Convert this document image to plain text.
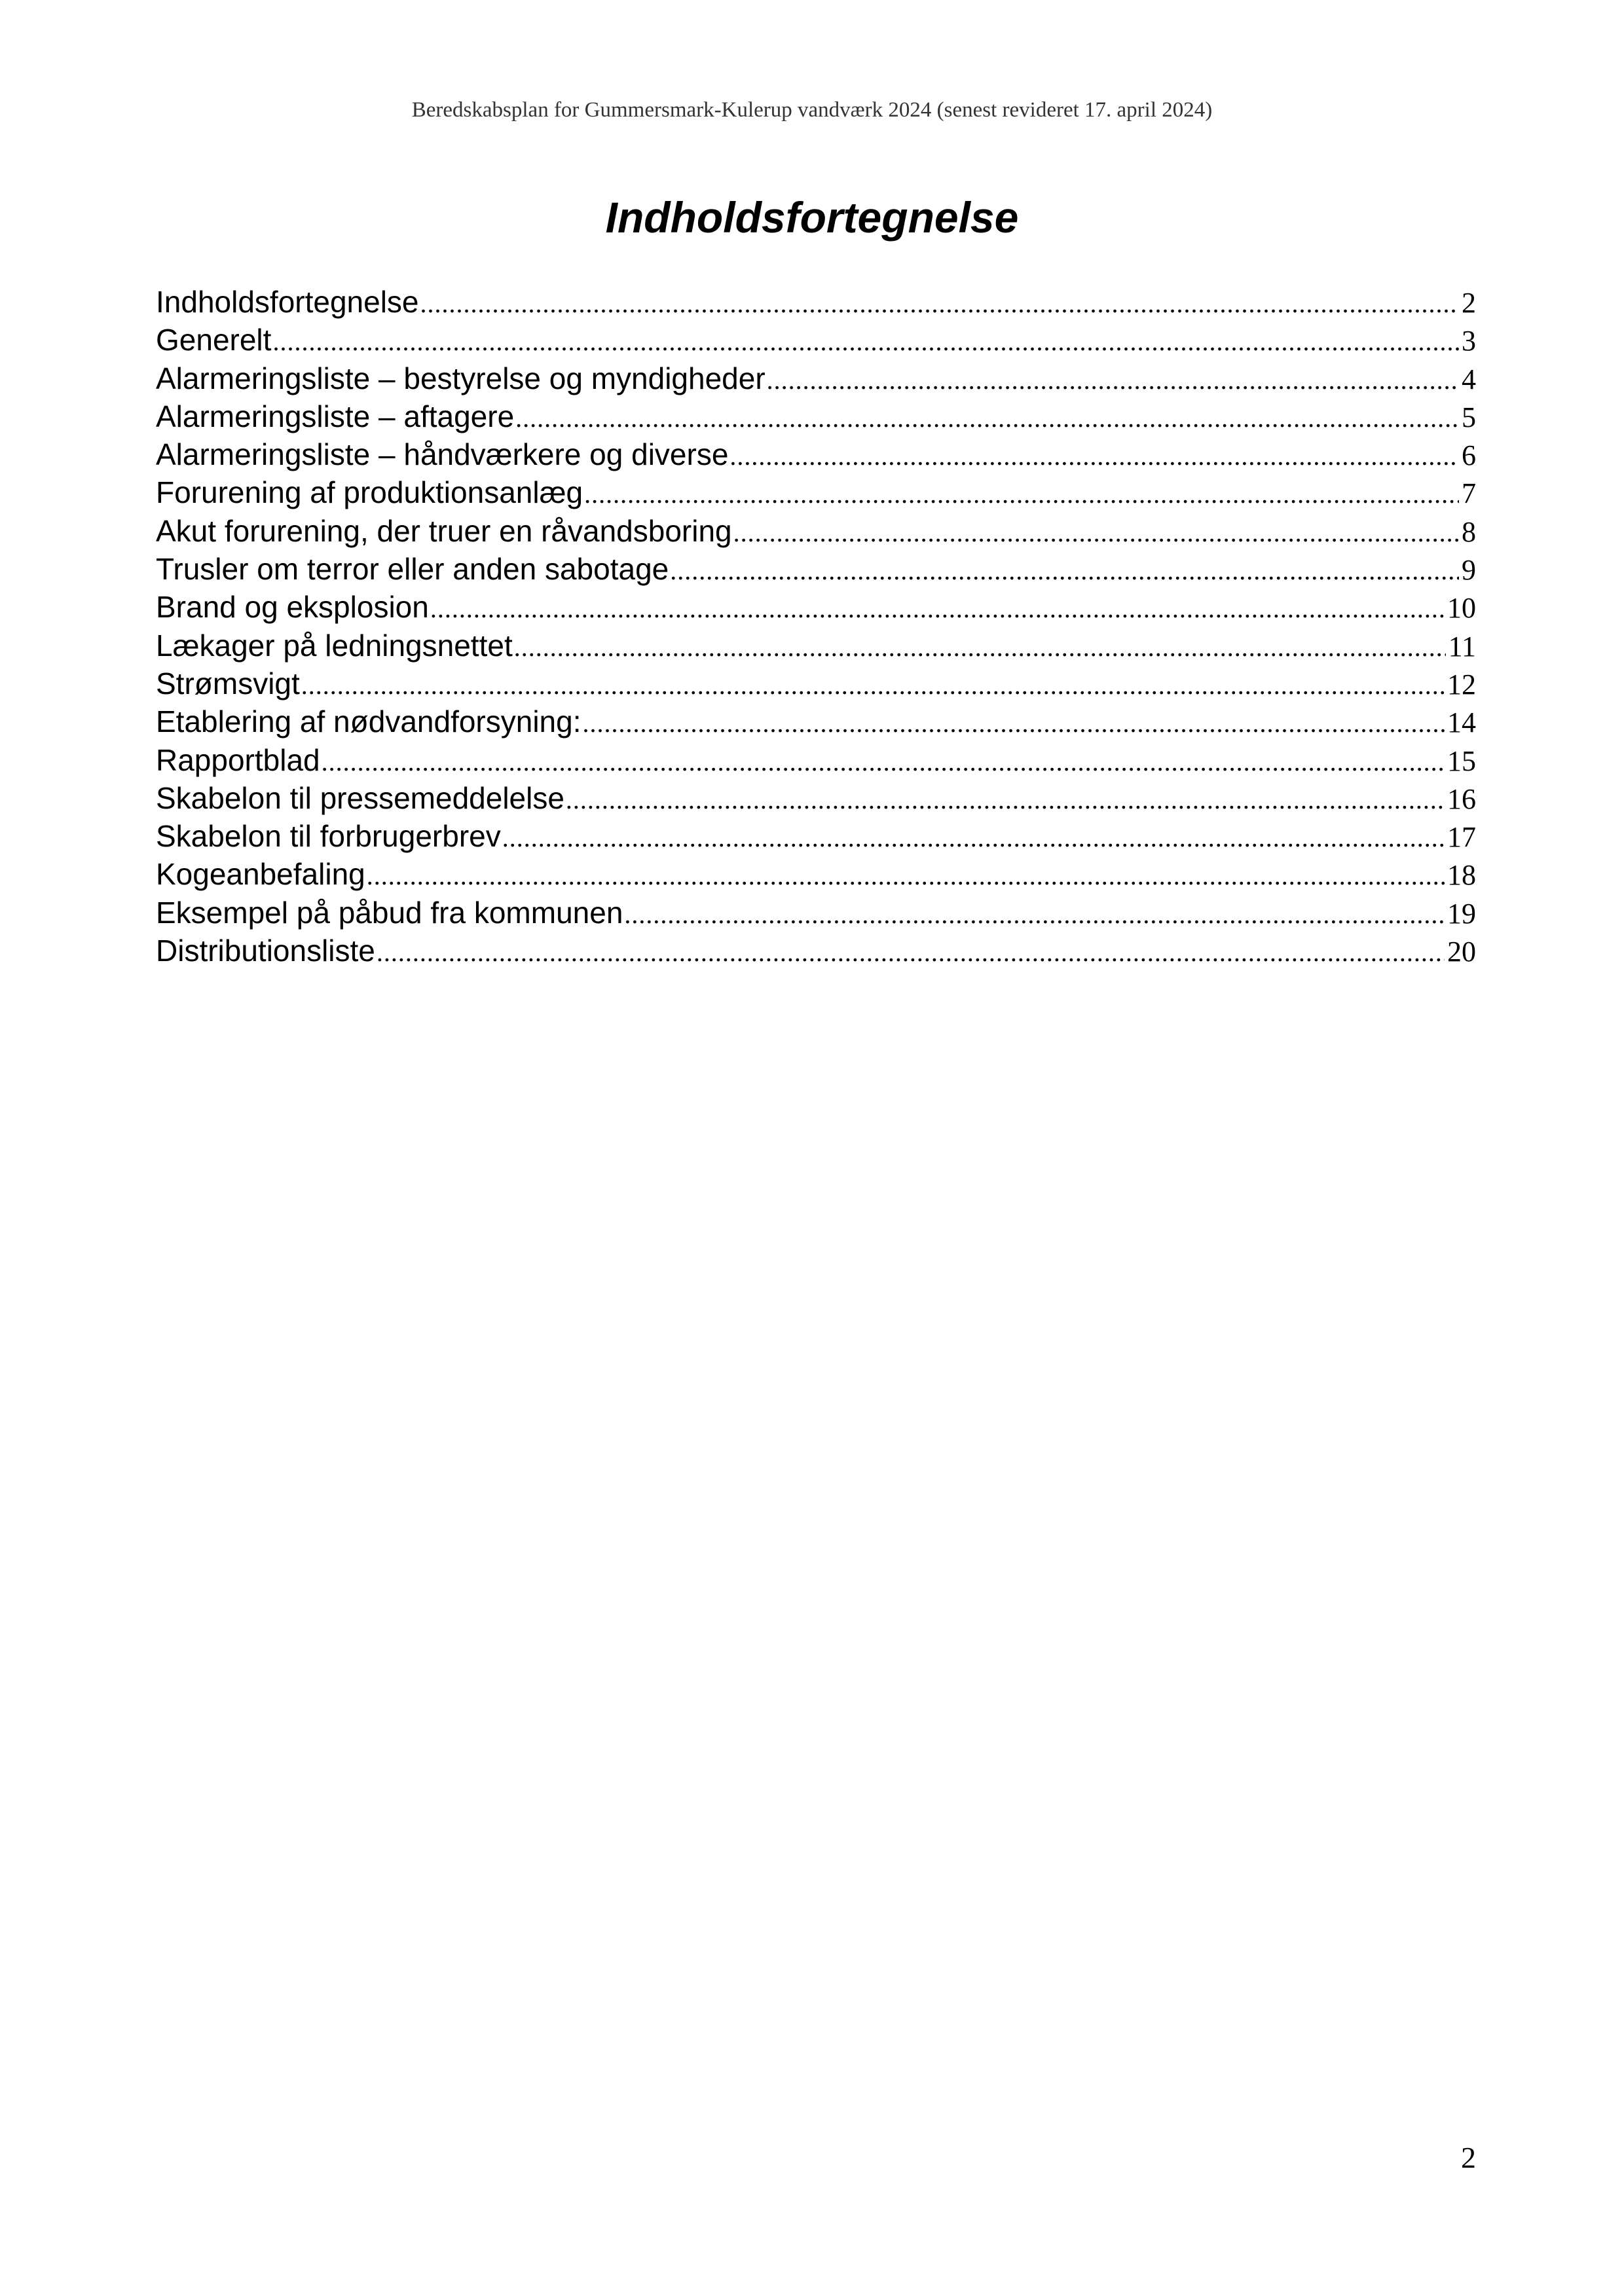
Beredskabsplan for Gummersmark-Kulerup vandværk 2024 (senest revideret 17. april 2024)
Indholdsfortegnelse
Indholdsfortegnelse .....	2
Generelt .....	3
Alarmeringsliste – bestyrelse og myndigheder .....	4
Alarmeringsliste – aftagere .....	5
Alarmeringsliste – håndværkere og diverse .....	6
Forurening af produktionsanlæg .....	7
Akut forurening, der truer en råvandsboring .....	8
Trusler om terror eller anden sabotage .....	9
Brand og eksplosion .....	10
Lækager på ledningsnettet .....	11
Strømsvigt .....	12
Etablering af nødvandforsyning: .....	14
Rapportblad .....	15
Skabelon til pressemeddelelse .....	16
Skabelon til forbrugerbrev .....	17
Kogeanbefaling .....	18
Eksempel på påbud fra kommunen .....	19
Distributionsliste .....	20
2
